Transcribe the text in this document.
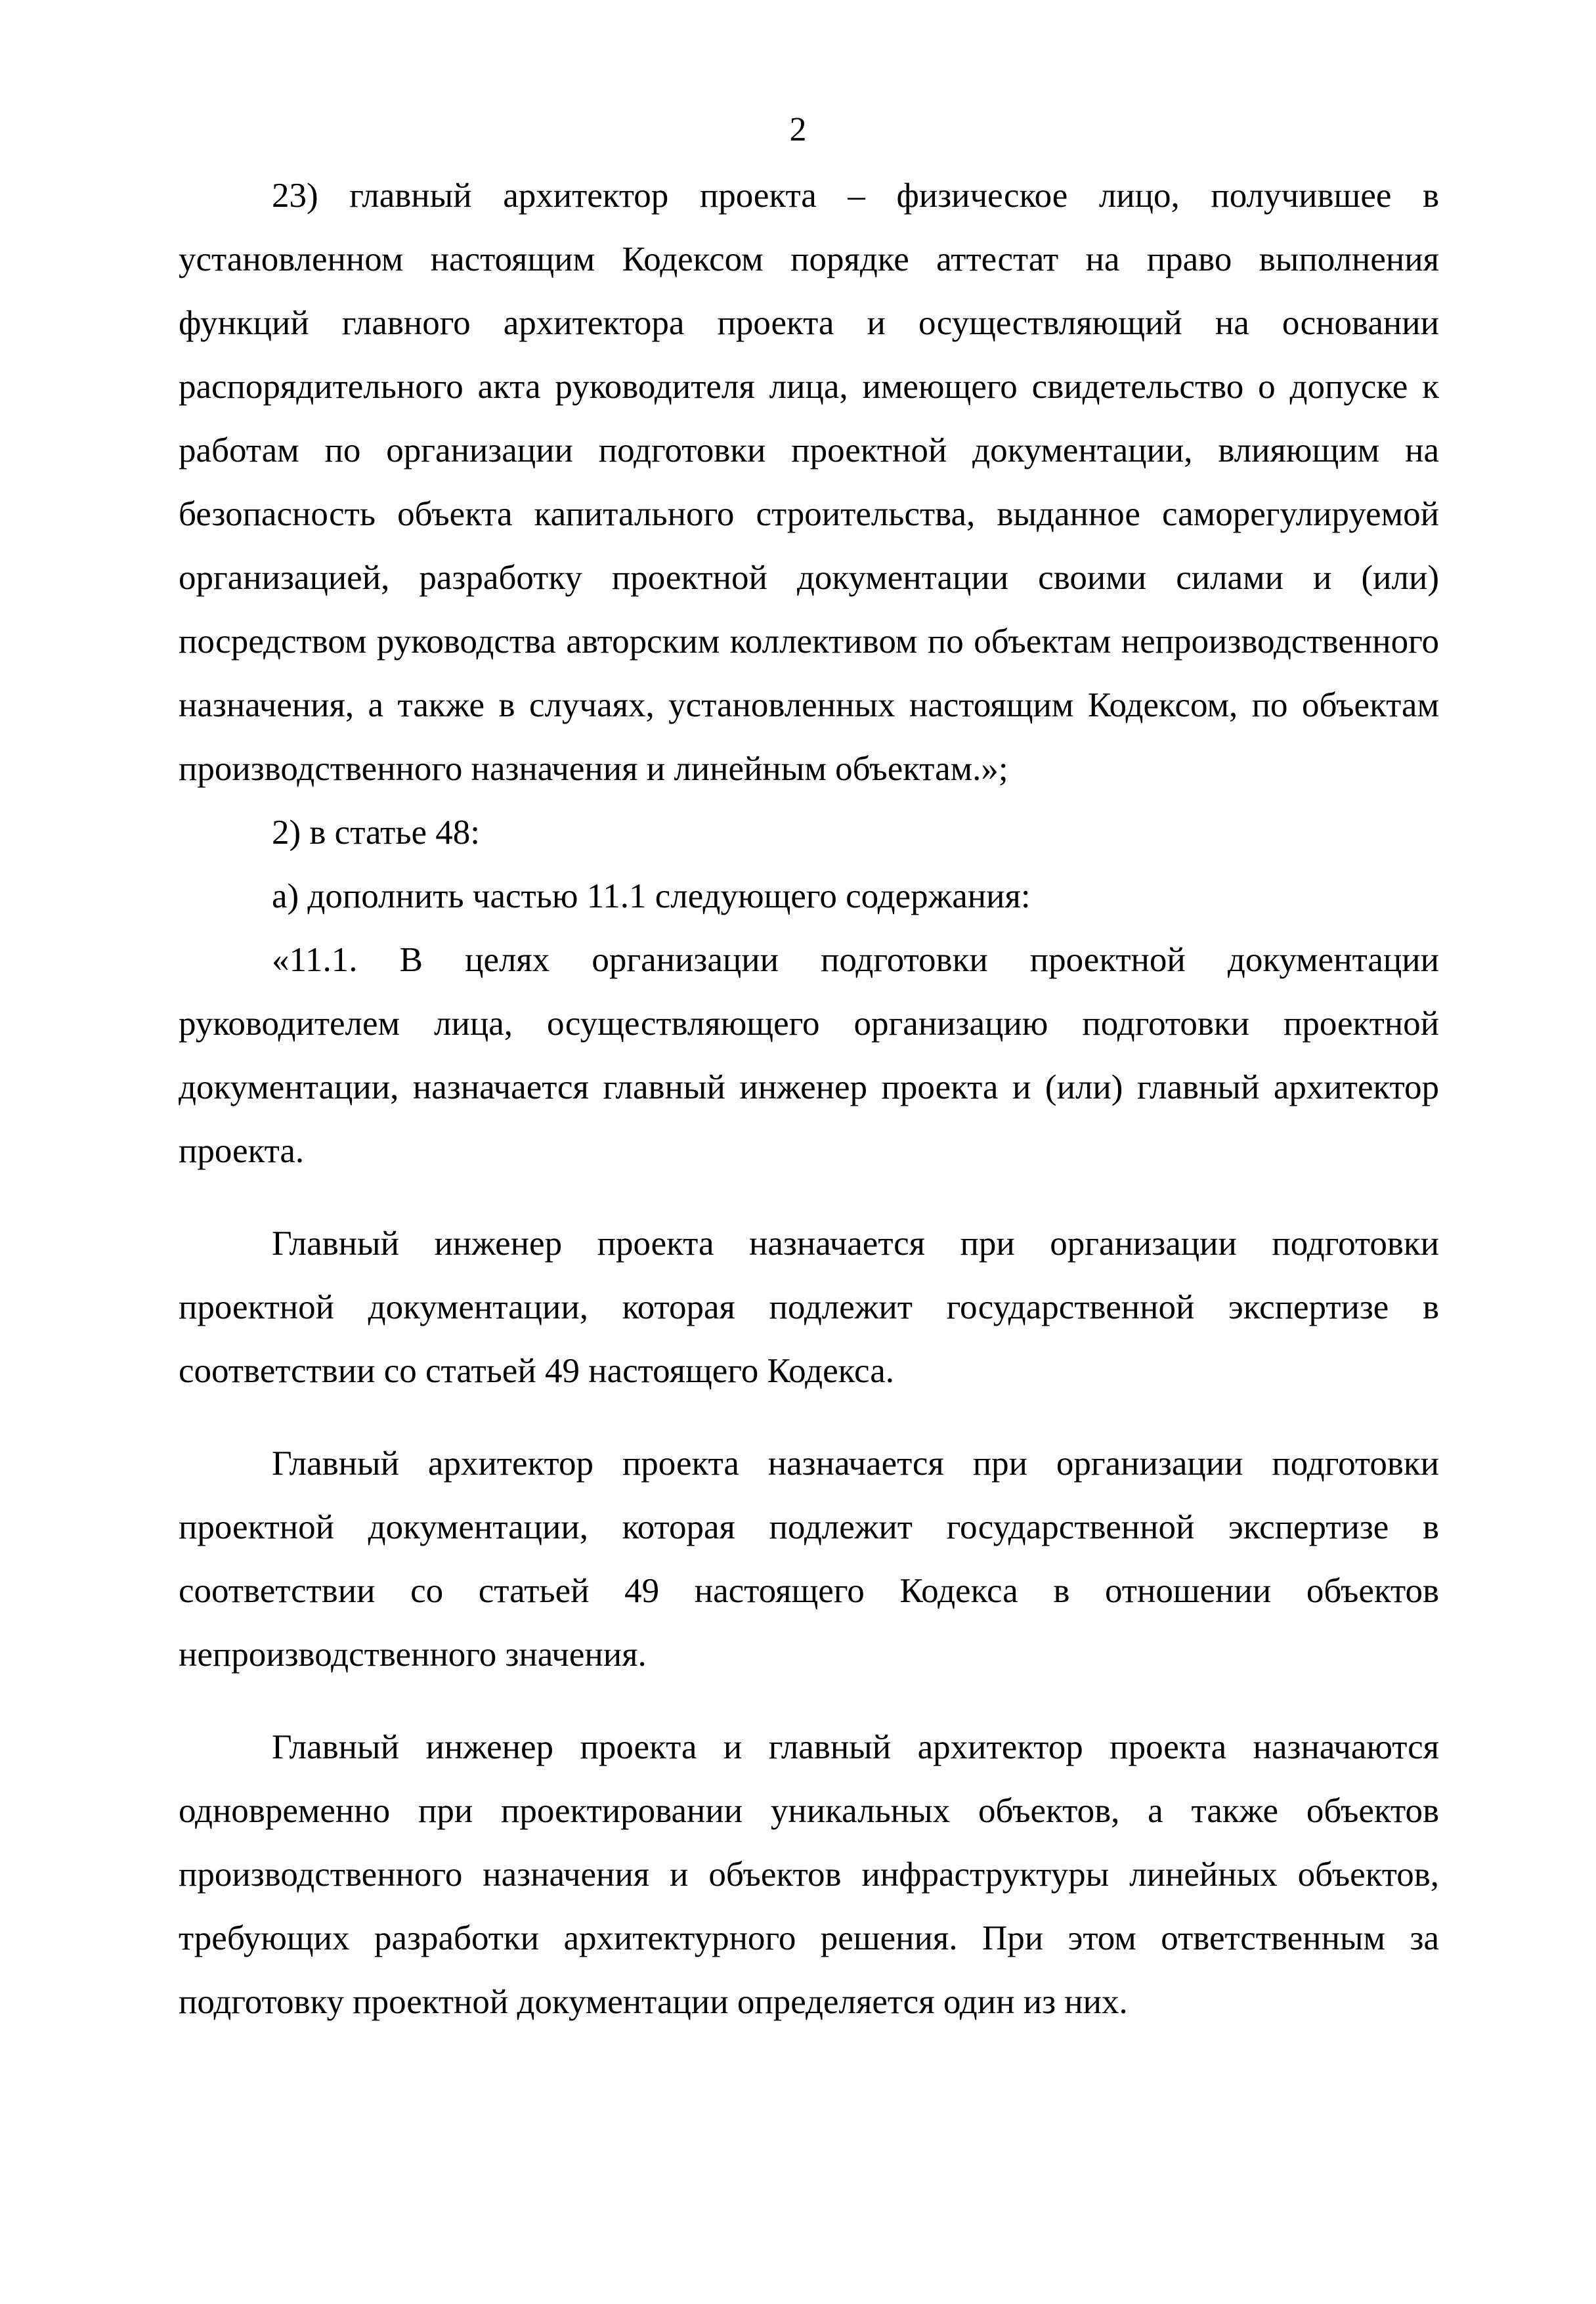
2

23) главный архитектор проекта – физическое лицо, получившее в установленном настоящим Кодексом порядке аттестат на право выполнения функций главного архитектора проекта и осуществляющий на основании распорядительного акта руководителя лица, имеющего свидетельство о допуске к работам по организации подготовки проектной документации, влияющим на безопасность объекта капитального строительства, выданное саморегулируемой организацией, разработку проектной документации своими силами и (или) посредством руководства авторским коллективом по объектам непроизводственного назначения, а также в случаях, установленных настоящим Кодексом, по объектам производственного назначения и линейным объектам.»;

2) в статье 48:

а) дополнить частью 11.1 следующего содержания:

«11.1. В целях организации подготовки проектной документации руководителем лица, осуществляющего организацию подготовки проектной документации, назначается главный инженер проекта и (или) главный архитектор проекта.

Главный инженер проекта назначается при организации подготовки проектной документации, которая подлежит государственной экспертизе в соответствии со статьей 49 настоящего Кодекса.

Главный архитектор проекта назначается при организации подготовки проектной документации, которая подлежит государственной экспертизе в соответствии со статьей 49 настоящего Кодекса в отношении объектов непроизводственного значения.

Главный инженер проекта и главный архитектор проекта назначаются одновременно при проектировании уникальных объектов, а также объектов производственного назначения и объектов инфраструктуры линейных объектов, требующих разработки архитектурного решения. При этом ответственным за подготовку проектной документации определяется один из них.
